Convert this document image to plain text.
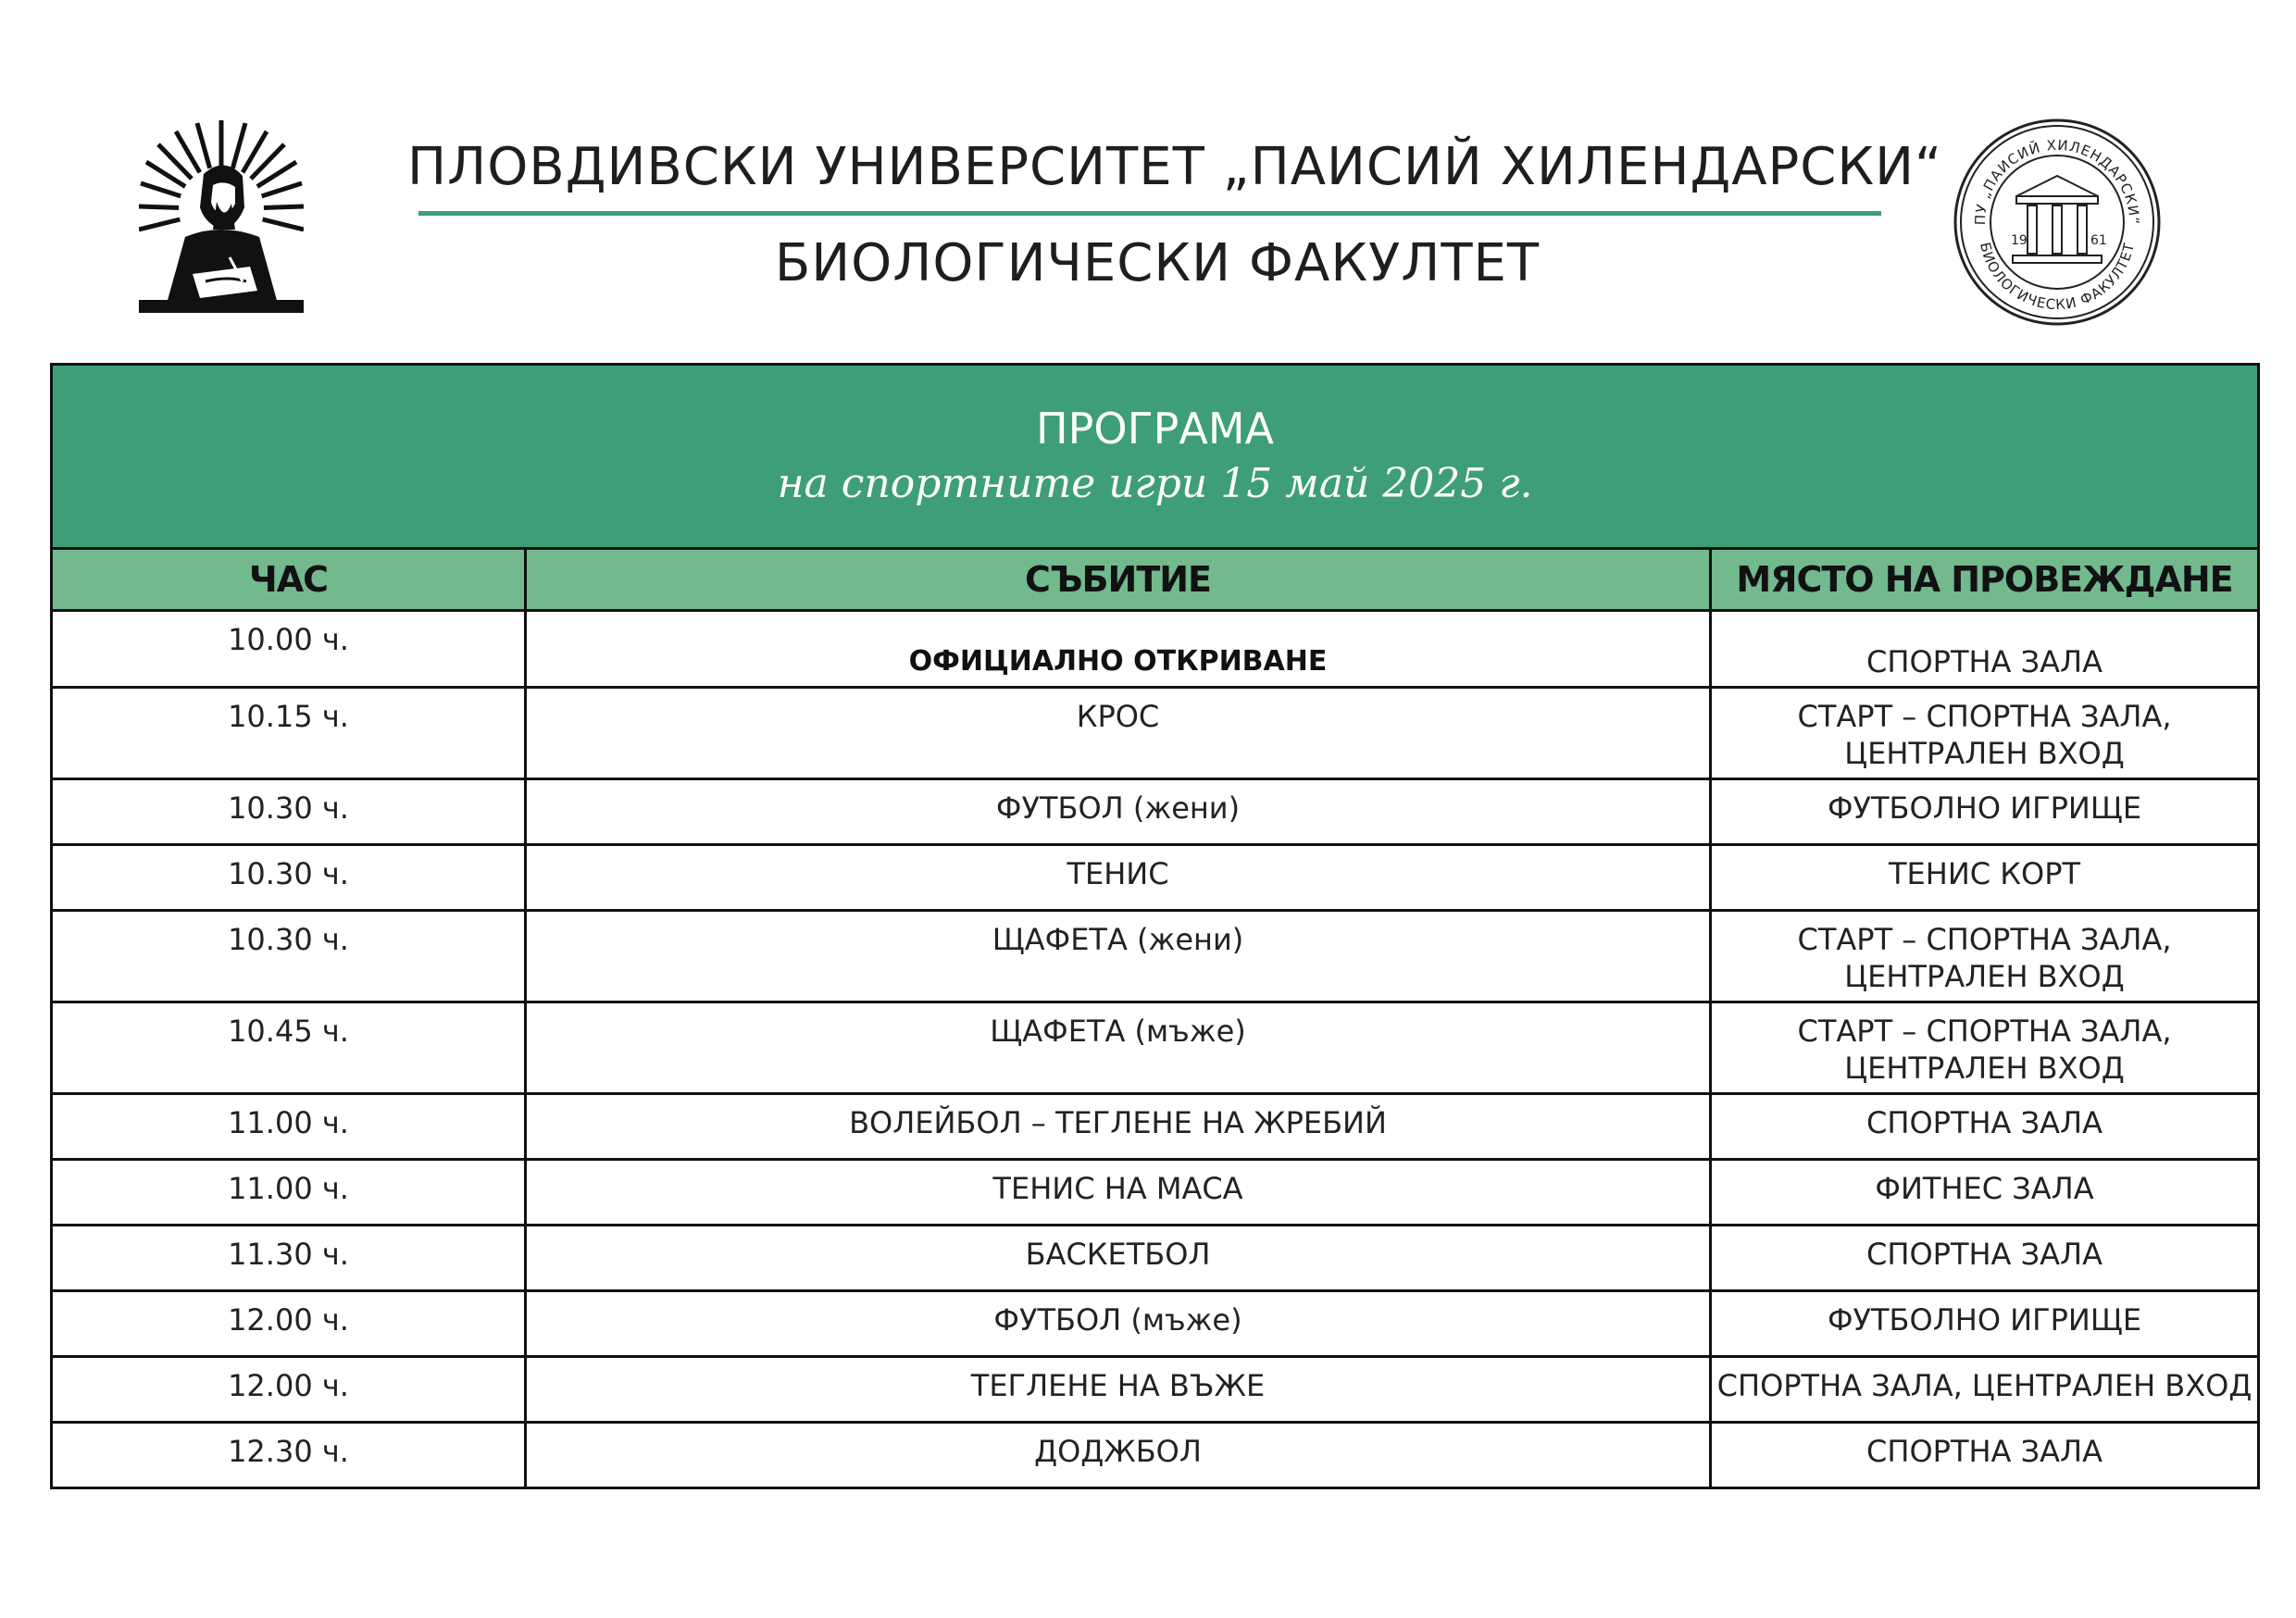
ПЛОВДИВСКИ УНИВЕРСИТЕТ „ПАИСИЙ ХИЛЕНДАРСКИ“
БИОЛОГИЧЕСКИ ФАКУЛТЕТ
ПУ „ПАИСИЙ ХИЛЕНДАРСКИ“
БИОЛОГИЧЕСКИ ФАКУЛТЕТ
19	61
ПРОГРАМА
на спортните игри 15 май 2025 г.		

ЧАС	СЪБИТИЕ	МЯСТО НА ПРОВЕЖДАНЕ
10.00 ч.	ОФИЦИАЛНО ОТКРИВАНЕ	СПОРТНА ЗАЛА
10.15 ч.	КРОС	СТАРТ – СПОРТНА ЗАЛА,
ЦЕНТРАЛЕН ВХОД

10.30 ч.	ФУТБОЛ (жени)	ФУТБОЛНО ИГРИЩЕ
10.30 ч.	ТЕНИС	ТЕНИС КОРТ
10.30 ч.	ЩАФЕТА (жени)	СТАРТ – СПОРТНА ЗАЛА,
ЦЕНТРАЛЕН ВХОД

10.45 ч.	ЩАФЕТА (мъже)	СТАРТ – СПОРТНА ЗАЛА,
ЦЕНТРАЛЕН ВХОД

11.00 ч.	ВОЛЕЙБОЛ – ТЕГЛЕНЕ НА ЖРЕБИЙ	СПОРТНА ЗАЛА
11.00 ч.	ТЕНИС НА МАСА	ФИТНЕС ЗАЛА
11.30 ч.	БАСКЕТБОЛ	СПОРТНА ЗАЛА
12.00 ч.	ФУТБОЛ (мъже)	ФУТБОЛНО ИГРИЩЕ
12.00 ч.	ТЕГЛЕНЕ НА ВЪЖЕ	СПОРТНА ЗАЛА, ЦЕНТРАЛЕН ВХОД
12.30 ч.	ДОДЖБОЛ	СПОРТНА ЗАЛА
